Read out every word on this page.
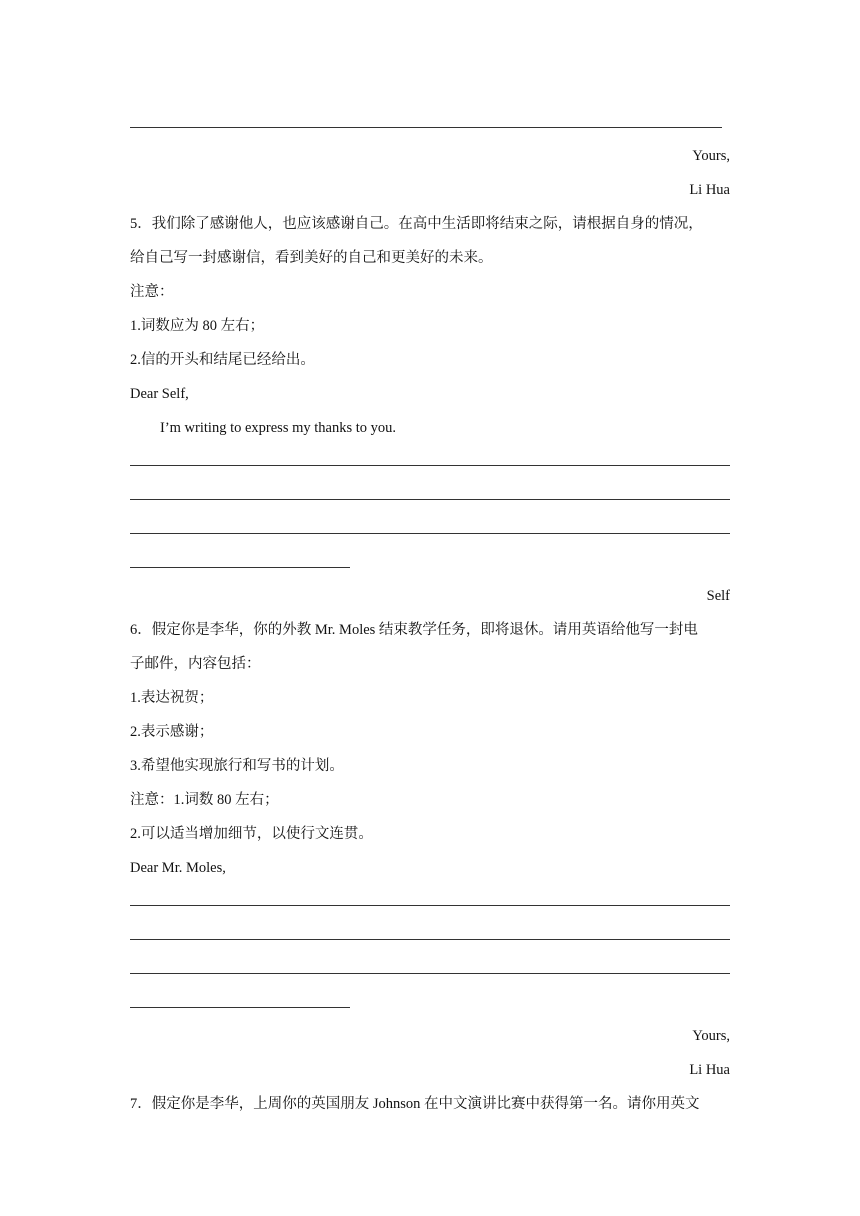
Yours,
Li Hua
5．我们除了感谢他人，也应该感谢自己。在高中生活即将结束之际，请根据自身的情况，
给自己写一封感谢信，看到美好的自己和更美好的未来。
注意：
1.词数应为 80 左右；
2.信的开头和结尾已经给出。
Dear Self,
I’m writing to express my thanks to you.
Self
6．假定你是李华，你的外教 Mr. Moles 结束教学任务，即将退休。请用英语给他写一封电
子邮件，内容包括：
1.表达祝贺；
2.表示感谢；
3.希望他实现旅行和写书的计划。
注意：1.词数 80 左右；
2.可以适当增加细节，以使行文连贯。
Dear Mr. Moles,
Yours,
Li Hua
7．假定你是李华，上周你的英国朋友 Johnson 在中文演讲比赛中获得第一名。请你用英文
